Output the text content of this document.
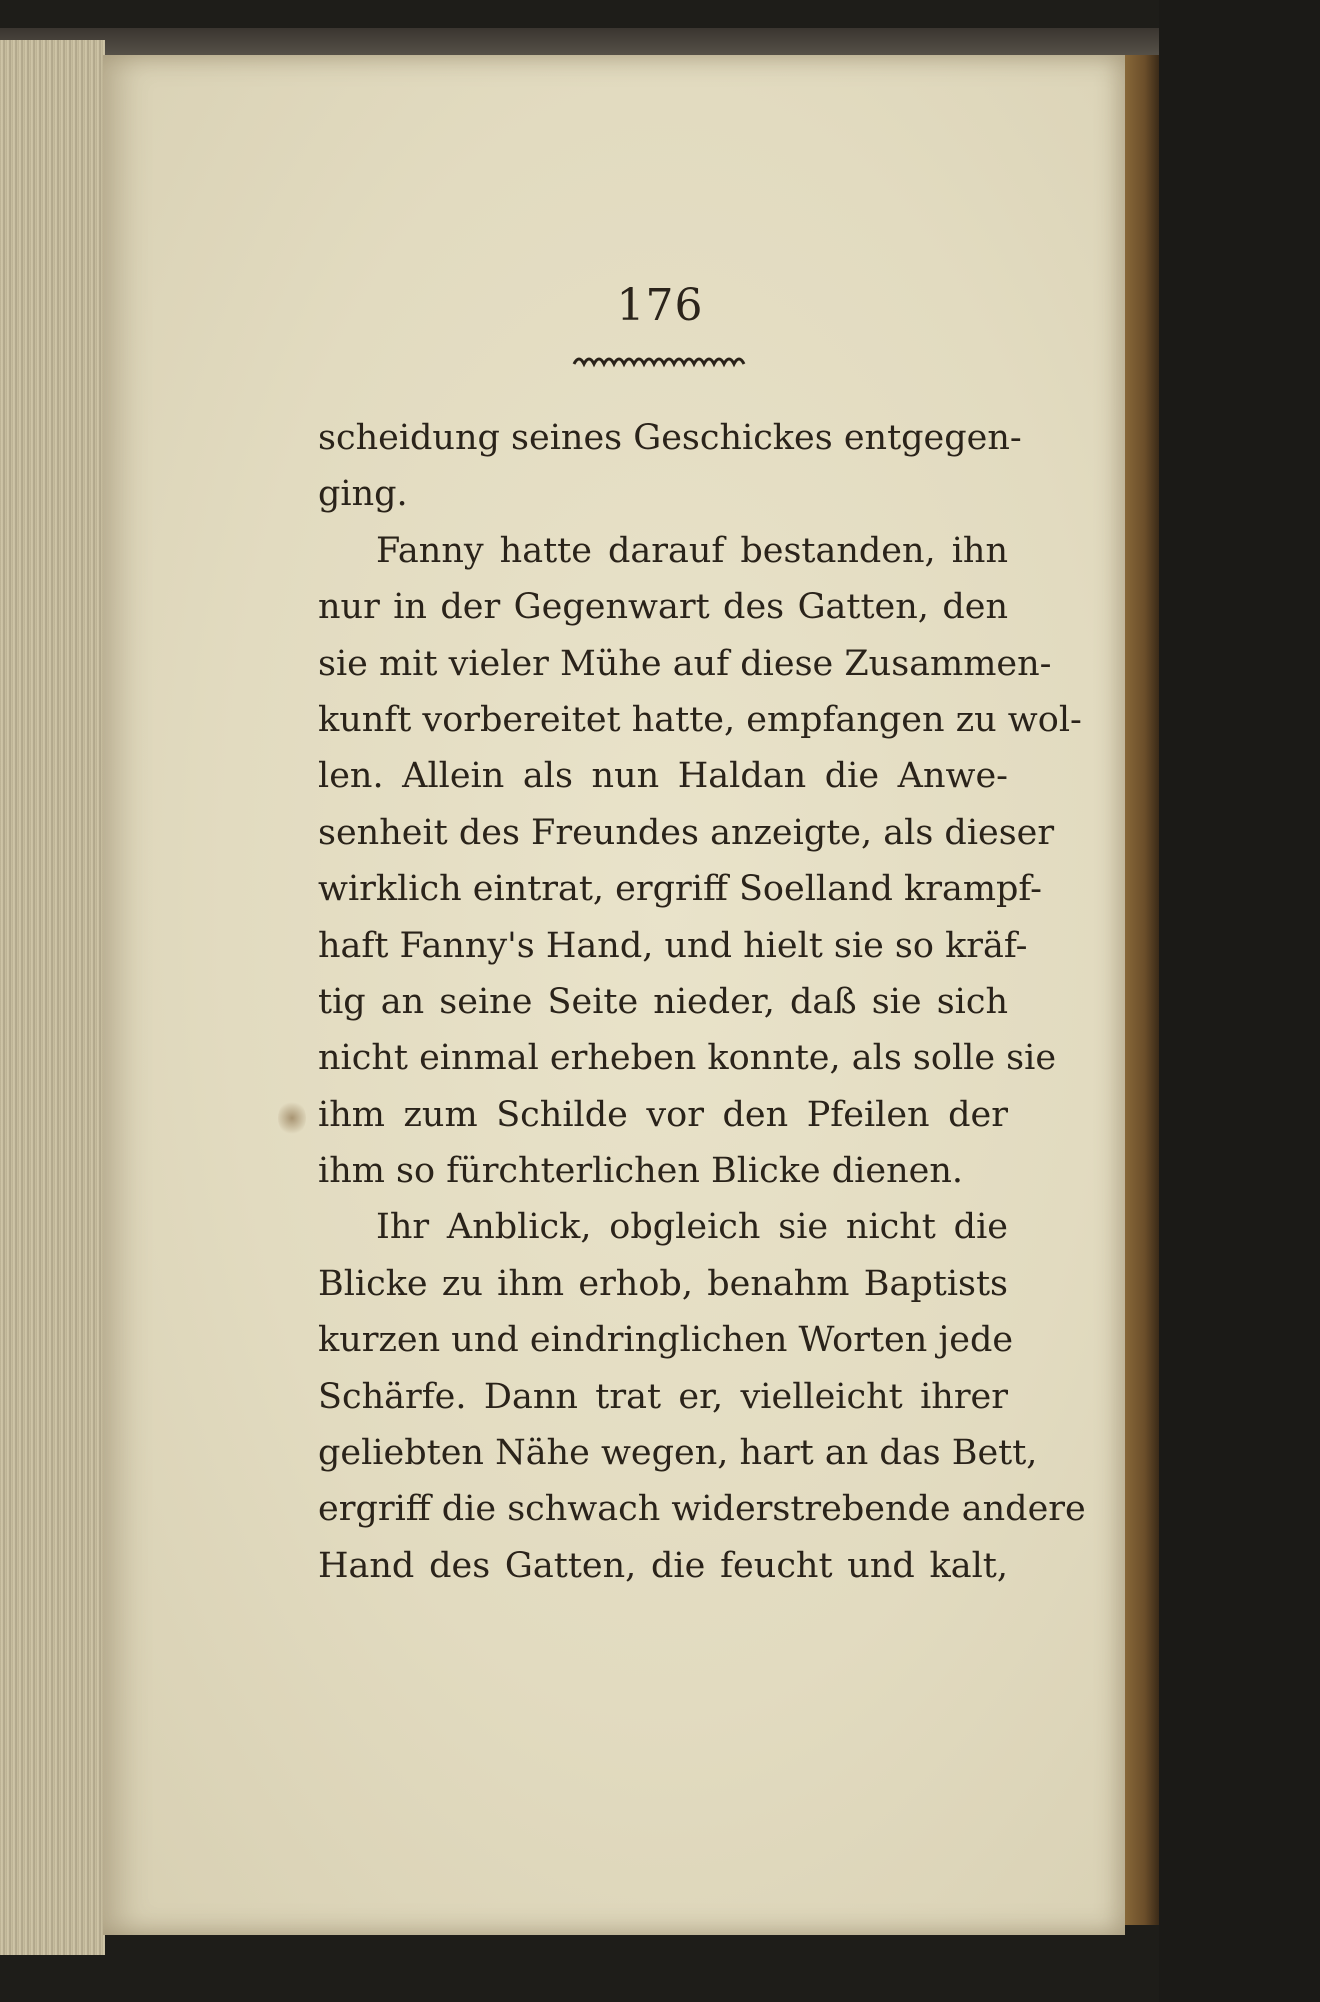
176
scheidung seines Geschickes entgegen-
ging.
Fanny hatte darauf bestanden, ihn
nur in der Gegenwart des Gatten, den
sie mit vieler Mühe auf diese Zusammen-
kunft vorbereitet hatte, empfangen zu wol-
len. Allein als nun Haldan die Anwe-
senheit des Freundes anzeigte, als dieser
wirklich eintrat, ergriff Soelland krampf-
haft Fanny's Hand, und hielt sie so kräf-
tig an seine Seite nieder, daß sie sich
nicht einmal erheben konnte, als solle sie
ihm zum Schilde vor den Pfeilen der
ihm so fürchterlichen Blicke dienen.
Ihr Anblick, obgleich sie nicht die
Blicke zu ihm erhob, benahm Baptists
kurzen und eindringlichen Worten jede
Schärfe. Dann trat er, vielleicht ihrer
geliebten Nähe wegen, hart an das Bett,
ergriff die schwach widerstrebende andere
Hand des Gatten, die feucht und kalt,
